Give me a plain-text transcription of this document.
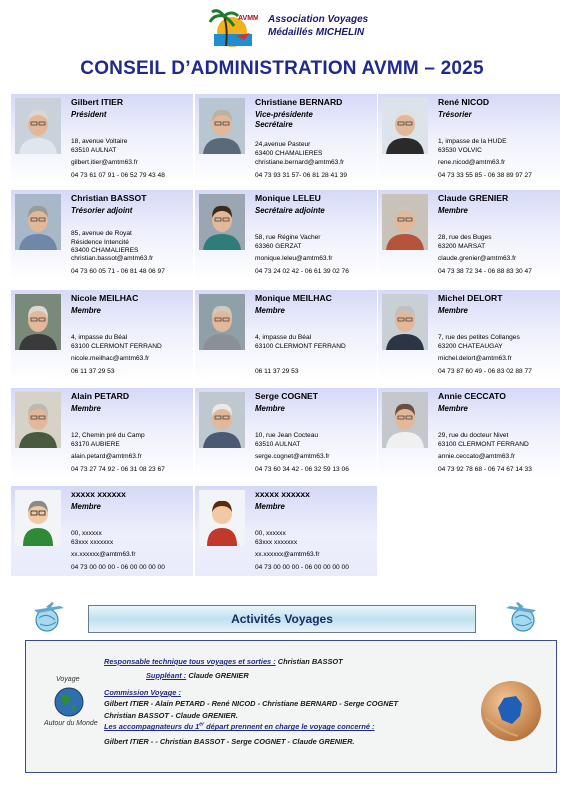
AVMM Association Voyages
Médaillés MICHELIN
CONSEIL D’ADMINISTRATION AVMM – 2025
Gilbert ITIER
Président
18, avenue Voltaire
63510 AULNAT
gilbert.itier@amtm63.fr
04 73 61 07 91 - 06 52 79 43 48
Christiane BERNARD
Vice-présidente
Secrétaire
24,avenue Pasteur
63400 CHAMALIERES
christiane.bernard@amtm63.fr
04 73 93 31 57- 06 81 28 41 39
René NICOD
Trésorier
1, impasse de la HUDE
63530 VOLVIC
rene.nicod@amtm63.fr
04 73 33 55 85 - 06 38 89 97 27
Christian BASSOT
Trésorier adjoint
85, avenue de Royat
Résidence Intencité
63400 CHAMALIERES
christian.bassot@amtm63.fr
04 73 60 05 71 - 06 81 48 06 97
Monique LELEU
Secrétaire adjointe
58, rue Régine Vacher
63360 GERZAT
monique.leleu@amtm63.fr
04 73 24 02 42 - 06 61 39 02 76
Claude GRENIER
Membre
28, rue des Buges
63200 MARSAT
claude.grenier@amtm63.fr
04 73 38 72 34 - 06 88 83 30 47
Nicole MEILHAC
Membre
4, impasse du Béal
63100 CLERMONT FERRAND
nicole.meilhac@amtm63.fr
06 11 37 29 53
Monique MEILHAC
Membre
4, impasse du Béal
63100 CLERMONT FERRAND
06 11 37 29 53
Michel DELORT
Membre
7, rue des petites Collanges
63200 CHATEAUGAY
michel.delort@amtm63.fr
04 73 87 60 49 - 06 83 02 88 77
Alain PETARD
Membre
12, Chemin pré du Camp
63170 AUBIERE
alain.petard@amtm63.fr
04 73 27 74 92 - 06 31 08 23 67
Serge COGNET
Membre
10, rue Jean Cocteau
63510 AULNAT
serge.cognet@amtm63.fr
04 73 60 34 42 - 06 32 59 13 06
Annie CECCATO
Membre
29, rue du docteur Nivet
63100 CLERMONT FERRAND
annie.ceccato@amtm63.fr
04 73 92 78 68 - 06 74 67 14 33
xxxxx xxxxxx
Membre
00, xxxxxx
63xxx xxxxxxx
xx.xxxxxx@amtm63.fr
04 73 00 00 00 - 06 00 00 00 00
xxxxx xxxxxx
Membre
00, xxxxxx
63xxx xxxxxxx
xx.xxxxxx@amtm63.fr
04 73 00 00 00 - 06 00 00 00 00
Activités Voyages
Voyage
Autour du Monde
Responsable technique tous voyages et sorties : Christian BASSOT
Suppléant : Claude GRENIER
Commission Voyage :
Gilbert ITIER - Alain PETARD - René NICOD - Christiane BERNARD - Serge COGNET
Christian BASSOT - Claude GRENIER.
Les accompagnateurs du 1er départ prennent en charge le voyage concerné :
Gilbert ITIER - - Christian BASSOT - Serge COGNET - Claude GRENIER.
